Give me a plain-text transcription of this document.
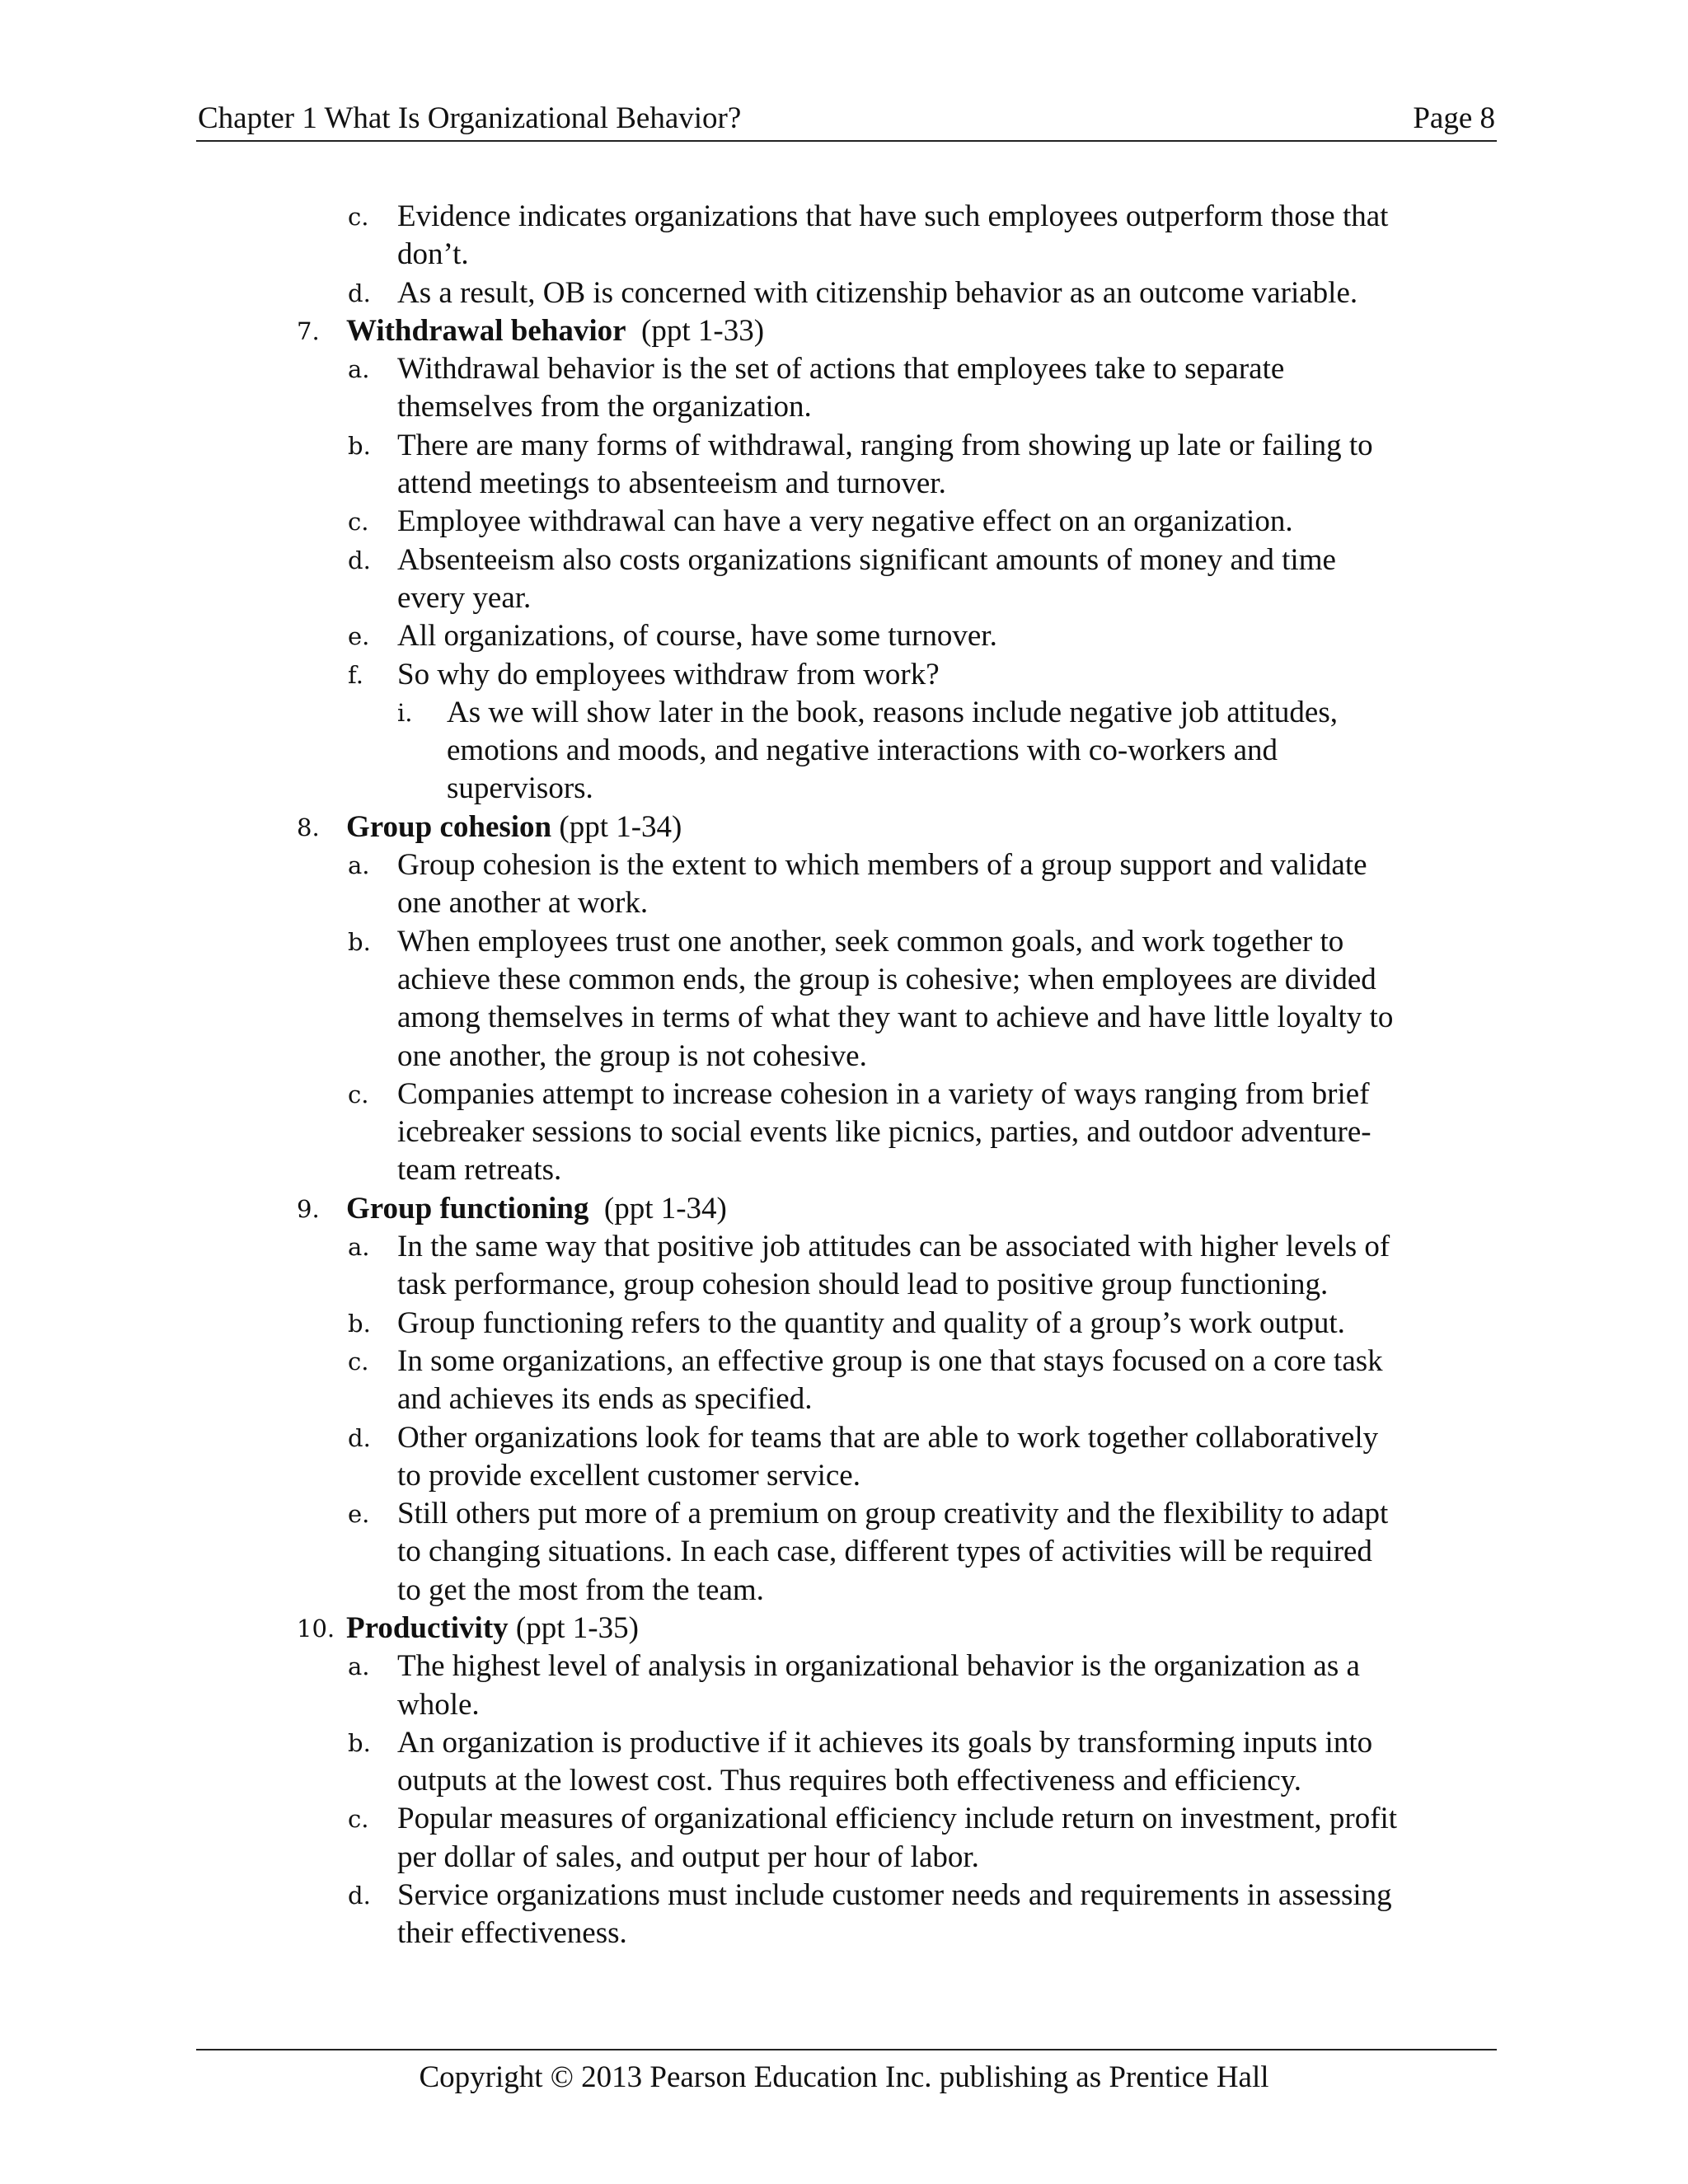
Chapter 1 What Is Organizational Behavior?	Page 8
c. Evidence indicates organizations that have such employees outperform those that
don’t.
d. As a result, OB is concerned with citizenship behavior as an outcome variable.
7. Withdrawal behavior  (ppt 1-33)
a. Withdrawal behavior is the set of actions that employees take to separate
themselves from the organization.
b. There are many forms of withdrawal, ranging from showing up late or failing to
attend meetings to absenteeism and turnover.
c. Employee withdrawal can have a very negative effect on an organization.
d. Absenteeism also costs organizations significant amounts of money and time
every year.
e. All organizations, of course, have some turnover.
f. So why do employees withdraw from work?
i. As we will show later in the book, reasons include negative job attitudes,
emotions and moods, and negative interactions with co-workers and
supervisors.
8. Group cohesion (ppt 1-34)
a. Group cohesion is the extent to which members of a group support and validate
one another at work.
b. When employees trust one another, seek common goals, and work together to
achieve these common ends, the group is cohesive; when employees are divided
among themselves in terms of what they want to achieve and have little loyalty to
one another, the group is not cohesive.
c. Companies attempt to increase cohesion in a variety of ways ranging from brief
icebreaker sessions to social events like picnics, parties, and outdoor adventure-
team retreats.
9. Group functioning  (ppt 1-34)
a. In the same way that positive job attitudes can be associated with higher levels of
task performance, group cohesion should lead to positive group functioning.
b. Group functioning refers to the quantity and quality of a group’s work output.
c. In some organizations, an effective group is one that stays focused on a core task
and achieves its ends as specified.
d. Other organizations look for teams that are able to work together collaboratively
to provide excellent customer service.
e. Still others put more of a premium on group creativity and the flexibility to adapt
to changing situations. In each case, different types of activities will be required
to get the most from the team.
10. Productivity (ppt 1-35)
a. The highest level of analysis in organizational behavior is the organization as a
whole.
b. An organization is productive if it achieves its goals by transforming inputs into
outputs at the lowest cost. Thus requires both effectiveness and efficiency.
c. Popular measures of organizational efficiency include return on investment, profit
per dollar of sales, and output per hour of labor.
d. Service organizations must include customer needs and requirements in assessing
their effectiveness.
Copyright © 2013 Pearson Education Inc. publishing as Prentice Hall
